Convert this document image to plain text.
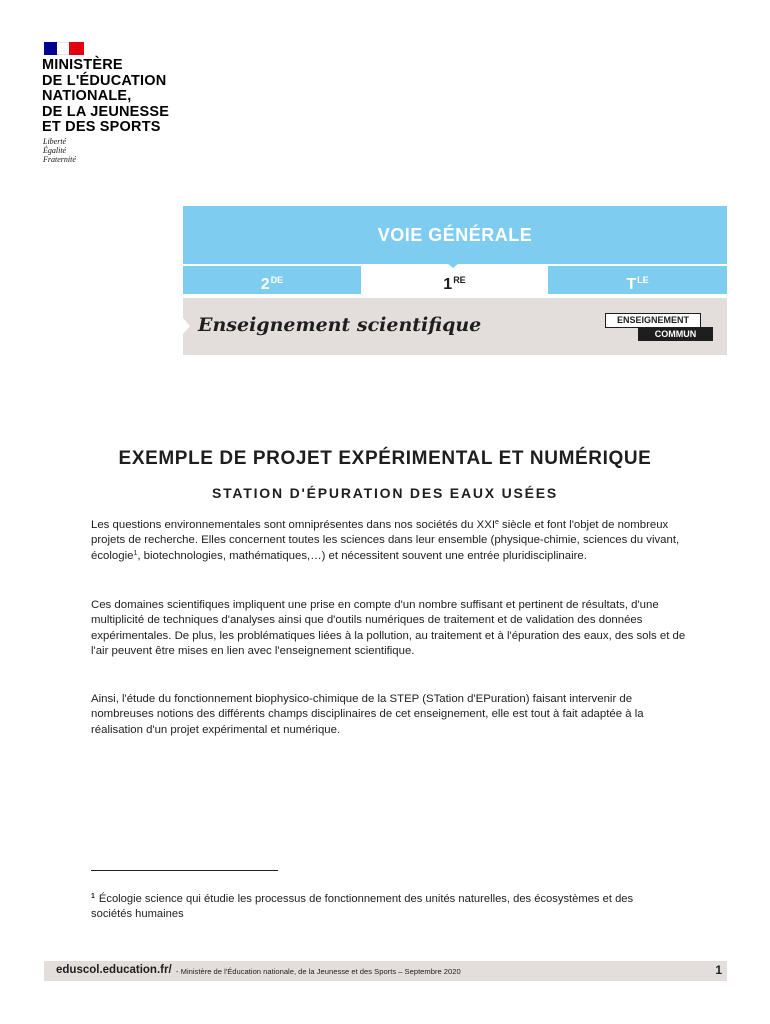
MINISTÈRE
DE L'ÉDUCATION
NATIONALE,
DE LA JEUNESSE
ET DES SPORTS
Liberté
Égalité
Fraternité
VOIE GÉNÉRALE
2DE	1RE	$T^{LE}$
Enseignement scientifique	ENSEIGNEMENT
COMMUN
EXEMPLE DE PROJET EXPÉRIMENTAL ET NUMÉRIQUE
STATION D'ÉPURATION DES EAUX USÉES
Les questions environnementales sont omniprésentes dans nos sociétés du XXIe siècle et font l'objet de nombreux projets de recherche. Elles concernent toutes les sciences dans leur ensemble (physique-chimie, sciences du vivant, écologie$^1$, biotechnologies, mathématiques,…) et nécessitent souvent une entrée pluridisciplinaire.
Ces domaines scientifiques impliquent une prise en compte d'un nombre suffisant et pertinent de résultats, d'une multiplicité de techniques d'analyses ainsi que d'outils numériques de traitement et de validation des données expérimentales. De plus, les problématiques liées à la pollution, au traitement et à l'épuration des eaux, des sols et de l'air peuvent être mises en lien avec l'enseignement scientifique.
Ainsi, l'étude du fonctionnement biophysico-chimique de la STEP (STation d'EPuration) faisant intervenir de nombreuses notions des différents champs disciplinaires de cet enseignement, elle est tout à fait adaptée à la réalisation d'un projet expérimental et numérique.
$^1$ Écologie science qui étudie les processus de fonctionnement des unités naturelles, des écosystèmes et des sociétés humaines
eduscol.education.fr/ - Ministère de l'Éducation nationale, de la Jeunesse et des Sports – Septembre 2020	1
